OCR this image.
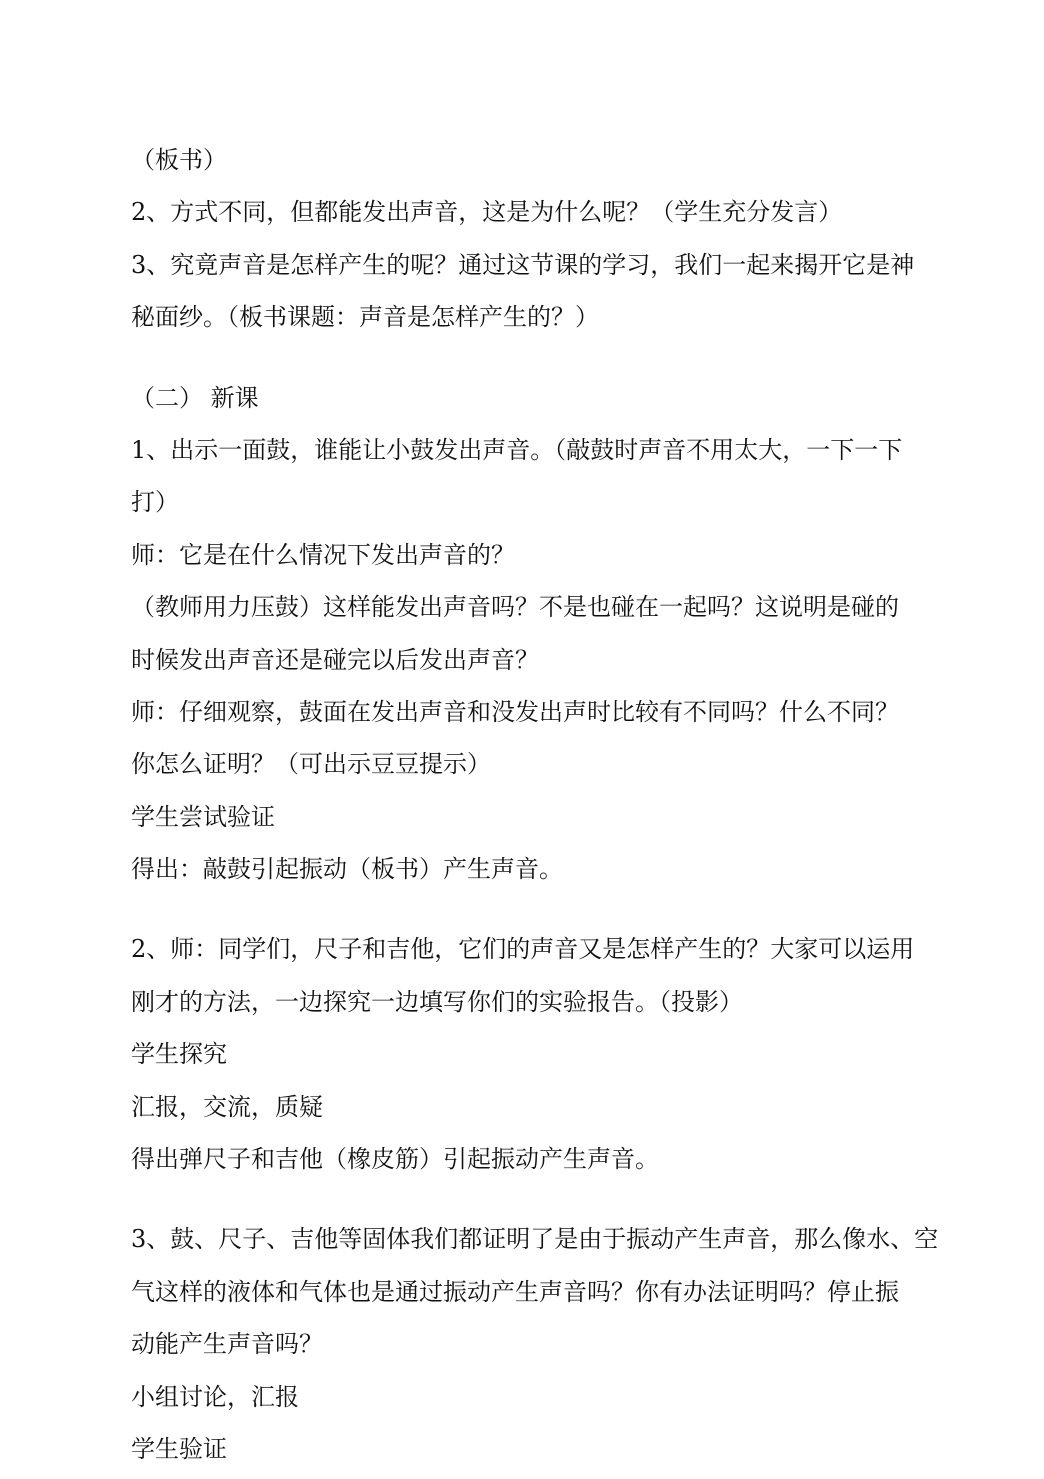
（板书）
2、方式不同，但都能发出声音，这是为什么呢？（学生充分发言）
3、究竟声音是怎样产生的呢？通过这节课的学习，我们一起来揭开它是神
秘面纱。（板书课题：声音是怎样产生的？）
（二） 新课
1、出示一面鼓，谁能让小鼓发出声音。（敲鼓时声音不用太大，一下一下
打）
师：它是在什么情况下发出声音的？
（教师用力压鼓）这样能发出声音吗？不是也碰在一起吗？这说明是碰的
时候发出声音还是碰完以后发出声音？
师：仔细观察，鼓面在发出声音和没发出声时比较有不同吗？什么不同？
你怎么证明？（可出示豆豆提示）
学生尝试验证
得出：敲鼓引起振动（板书）产生声音。
2、师：同学们，尺子和吉他，它们的声音又是怎样产生的？大家可以运用
刚才的方法，一边探究一边填写你们的实验报告。（投影）
学生探究
汇报，交流，质疑
得出弹尺子和吉他（橡皮筋）引起振动产生声音。
3、鼓、尺子、吉他等固体我们都证明了是由于振动产生声音，那么像水、空
气这样的液体和气体也是通过振动产生声音吗？你有办法证明吗？停止振
动能产生声音吗？
小组讨论，汇报
学生验证
